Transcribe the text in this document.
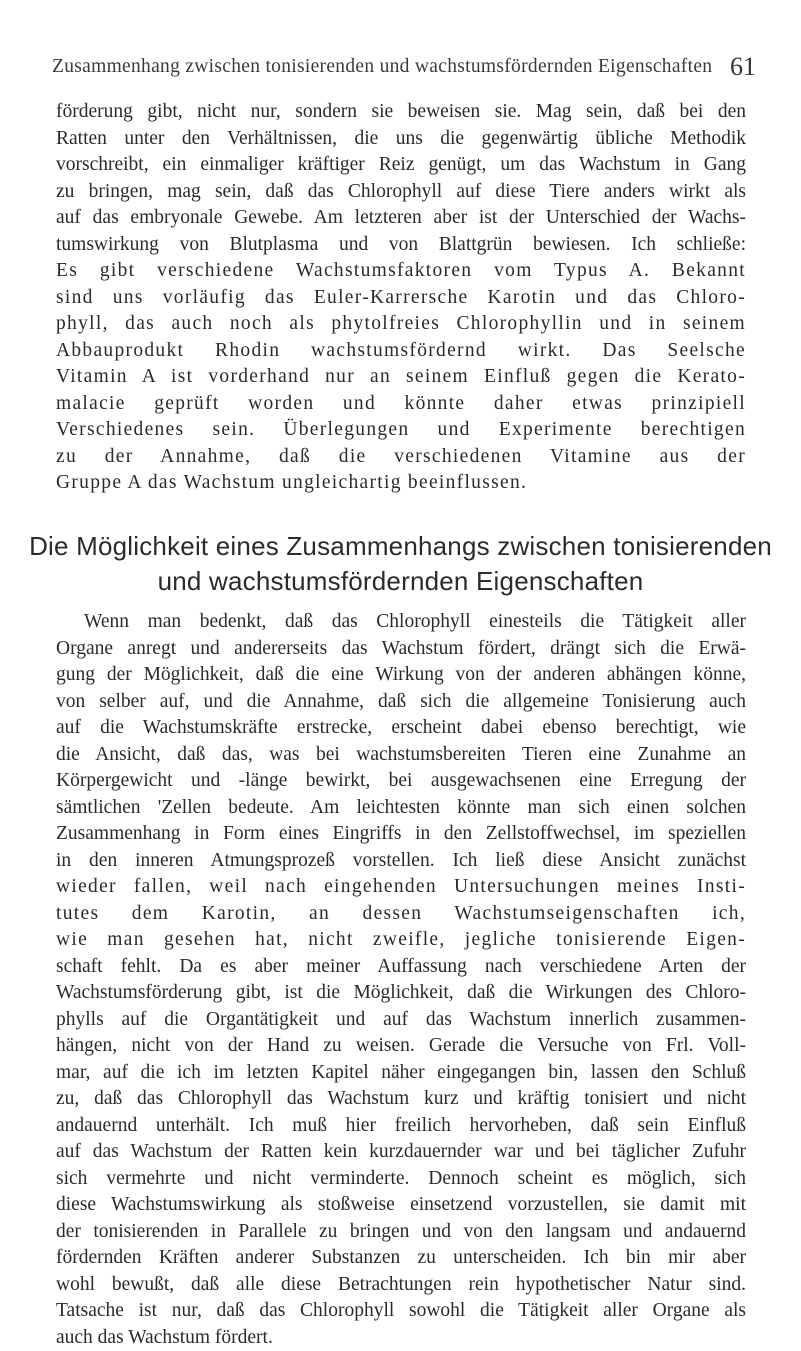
Zusammenhang zwischen tonisierenden und wachstumsfördernden Eigenschaften 61
förderung gibt, nicht nur, sondern sie beweisen sie. Mag sein, daß bei den
Ratten unter den Verhältnissen, die uns die gegenwärtig übliche Methodik
vorschreibt, ein einmaliger kräftiger Reiz genügt, um das Wachstum in Gang
zu bringen, mag sein, daß das Chlorophyll auf diese Tiere anders wirkt als
auf das embryonale Gewebe. Am letzteren aber ist der Unterschied der Wachs-
tumswirkung von Blutplasma und von Blattgrün bewiesen. Ich schließe:
Es gibt verschiedene Wachstumsfaktoren vom Typus A. Bekannt
sind uns vorläufig das Euler-Karrersche Karotin und das Chloro-
phyll, das auch noch als phytolfreies Chlorophyllin und in seinem
Abbauprodukt Rhodin wachstumsfördernd wirkt. Das Seelsche
Vitamin A ist vorderhand nur an seinem Einfluß gegen die Kerato-
malacie geprüft worden und könnte daher etwas prinzipiell
Verschiedenes sein. Überlegungen und Experimente berechtigen
zu der Annahme, daß die verschiedenen Vitamine aus der
Gruppe A das Wachstum ungleichartig beeinflussen.
Die Möglichkeit eines Zusammenhangs zwischen tonisierenden
und wachstumsfördernden Eigenschaften
Wenn man bedenkt, daß das Chlorophyll einesteils die Tätigkeit aller
Organe anregt und andererseits das Wachstum fördert, drängt sich die Erwä-
gung der Möglichkeit, daß die eine Wirkung von der anderen abhängen könne,
von selber auf, und die Annahme, daß sich die allgemeine Tonisierung auch
auf die Wachstumskräfte erstrecke, erscheint dabei ebenso berechtigt, wie
die Ansicht, daß das, was bei wachstumsbereiten Tieren eine Zunahme an
Körpergewicht und -länge bewirkt, bei ausgewachsenen eine Erregung der
sämtlichen 'Zellen bedeute. Am leichtesten könnte man sich einen solchen
Zusammenhang in Form eines Eingriffs in den Zellstoffwechsel, im speziellen
in den inneren Atmungsprozeß vorstellen. Ich ließ diese Ansicht zunächst
wieder fallen, weil nach eingehenden Untersuchungen meines Insti-
tutes dem Karotin, an dessen Wachstumseigenschaften ich,
wie man gesehen hat, nicht zweifle, jegliche tonisierende Eigen-
schaft fehlt. Da es aber meiner Auffassung nach verschiedene Arten der
Wachstumsförderung gibt, ist die Möglichkeit, daß die Wirkungen des Chloro-
phylls auf die Organtätigkeit und auf das Wachstum innerlich zusammen-
hängen, nicht von der Hand zu weisen. Gerade die Versuche von Frl. Voll-
mar, auf die ich im letzten Kapitel näher eingegangen bin, lassen den Schluß
zu, daß das Chlorophyll das Wachstum kurz und kräftig tonisiert und nicht
andauernd unterhält. Ich muß hier freilich hervorheben, daß sein Einfluß
auf das Wachstum der Ratten kein kurzdauernder war und bei täglicher Zufuhr
sich vermehrte und nicht verminderte. Dennoch scheint es möglich, sich
diese Wachstumswirkung als stoßweise einsetzend vorzustellen, sie damit mit
der tonisierenden in Parallele zu bringen und von den langsam und andauernd
fördernden Kräften anderer Substanzen zu unterscheiden. Ich bin mir aber
wohl bewußt, daß alle diese Betrachtungen rein hypothetischer Natur sind.
Tatsache ist nur, daß das Chlorophyll sowohl die Tätigkeit aller Organe als
auch das Wachstum fördert.
